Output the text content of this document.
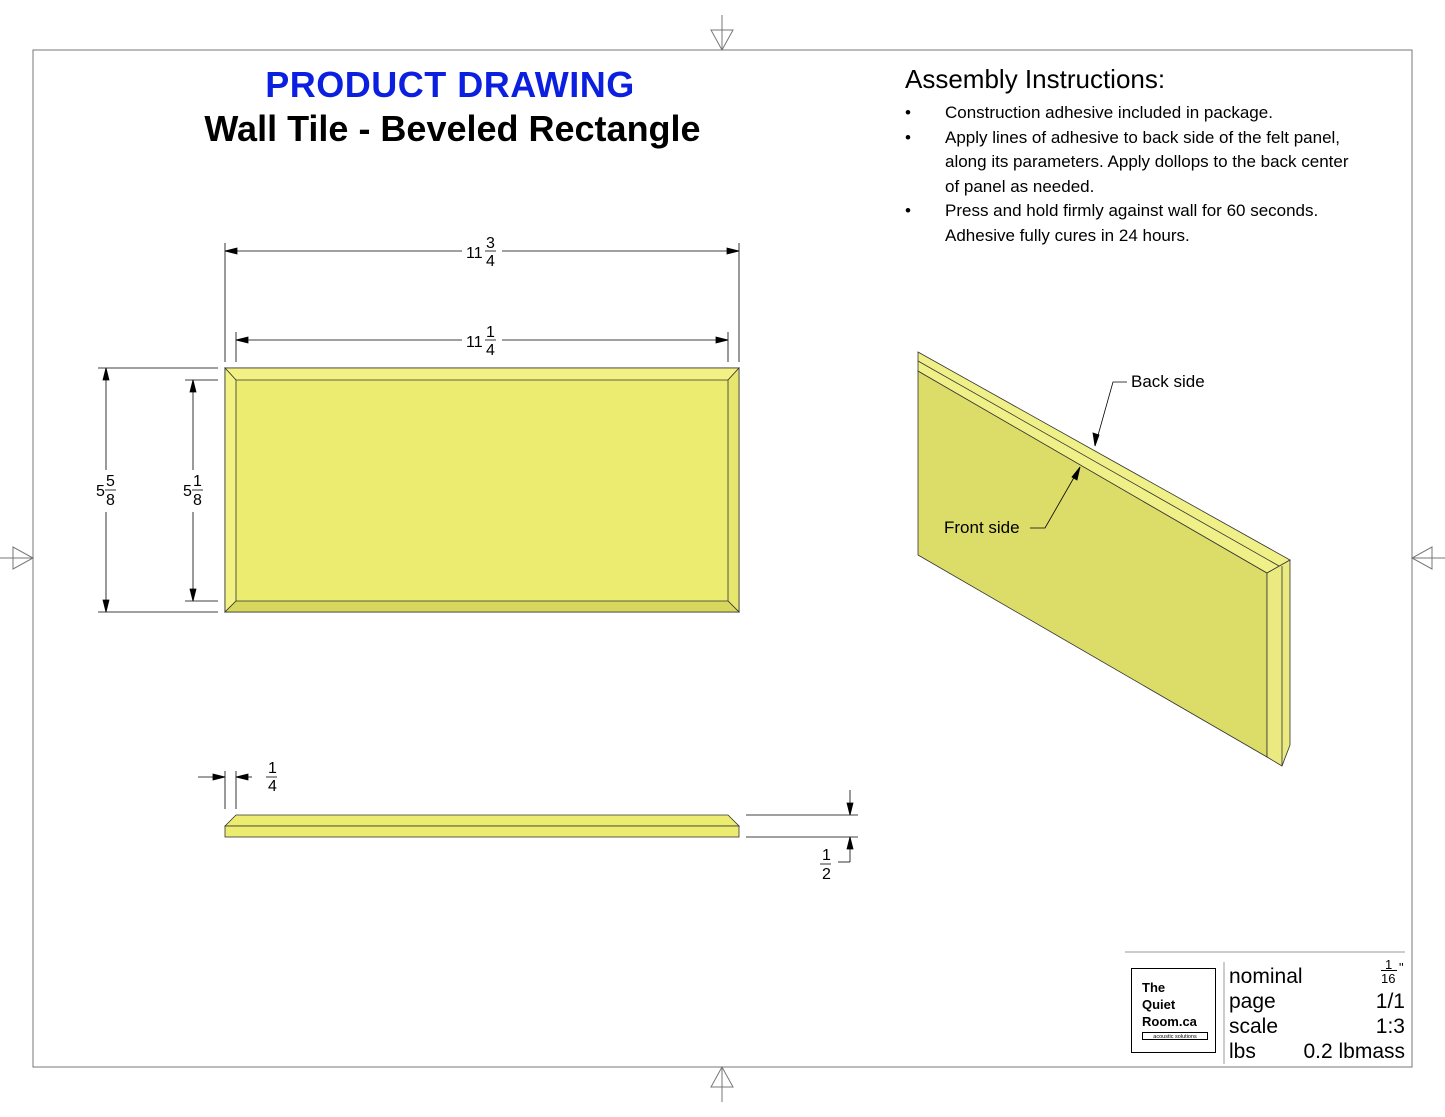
PRODUCT DRAWING
Wall Tile - Beveled Rectangle
Assembly Instructions:
• Construction adhesive included in package.
• Apply lines of adhesive to back side of the felt panel,
along its parameters. Apply dollops to the back center
of panel as needed.
• Press and hold firmly against wall for 60 seconds.
Adhesive fully cures in 24 hours.
11
3
4
11
1
4
5
5
8
5
1
8
1
4
1
2
Back side
Front side
The
Quiet
Room.ca
acoustic solutions
nominal
1
16
"
page	1/1
scale	1:3
lbs 0.2 lbmass
